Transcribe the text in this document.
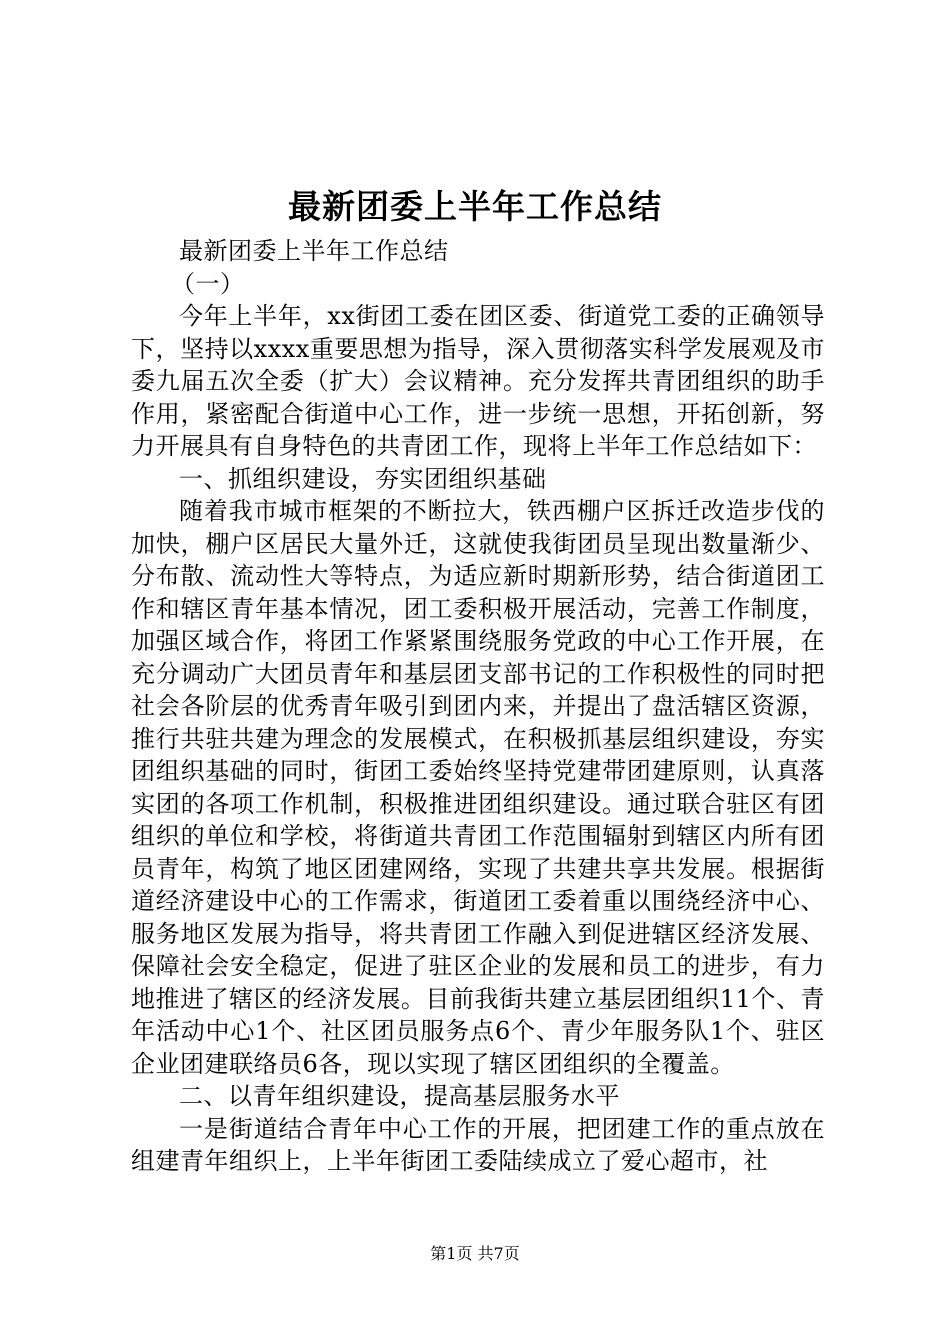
最新团委上半年工作总结

最新团委上半年工作总结

（一）

今年上半年，xx街团工委在团区委、街道党工委的正确领导下，坚持以xxxx重要思想为指导，深入贯彻落实科学发展观及市委九届五次全委（扩大）会议精神。充分发挥共青团组织的助手作用，紧密配合街道中心工作，进一步统一思想，开拓创新，努力开展具有自身特色的共青团工作，现将上半年工作总结如下：

一、抓组织建设，夯实团组织基础

随着我市城市框架的不断拉大，铁西棚户区拆迁改造步伐的加快，棚户区居民大量外迁，这就使我街团员呈现出数量渐少、分布散、流动性大等特点，为适应新时期新形势，结合街道团工作和辖区青年基本情况，团工委积极开展活动，完善工作制度，加强区域合作，将团工作紧紧围绕服务党政的中心工作开展，在充分调动广大团员青年和基层团支部书记的工作积极性的同时把社会各阶层的优秀青年吸引到团内来，并提出了盘活辖区资源，推行共驻共建为理念的发展模式，在积极抓基层组织建设，夯实团组织基础的同时，街团工委始终坚持党建带团建原则，认真落实团的各项工作机制，积极推进团组织建设。通过联合驻区有团组织的单位和学校，将街道共青团工作范围辐射到辖区内所有团员青年，构筑了地区团建网络，实现了共建共享共发展。根据街道经济建设中心的工作需求，街道团工委着重以围绕经济中心、服务地区发展为指导，将共青团工作融入到促进辖区经济发展、保障社会安全稳定，促进了驻区企业的发展和员工的进步，有力地推进了辖区的经济发展。目前我街共建立基层团组织11个、青年活动中心1个、社区团员服务点6个、青少年服务队1个、驻区企业团建联络员6各，现以实现了辖区团组织的全覆盖。

二、以青年组织建设，提高基层服务水平

一是街道结合青年中心工作的开展，把团建工作的重点放在组建青年组织上，上半年街团工委陆续成立了爱心超市，社

第1页 共7页
